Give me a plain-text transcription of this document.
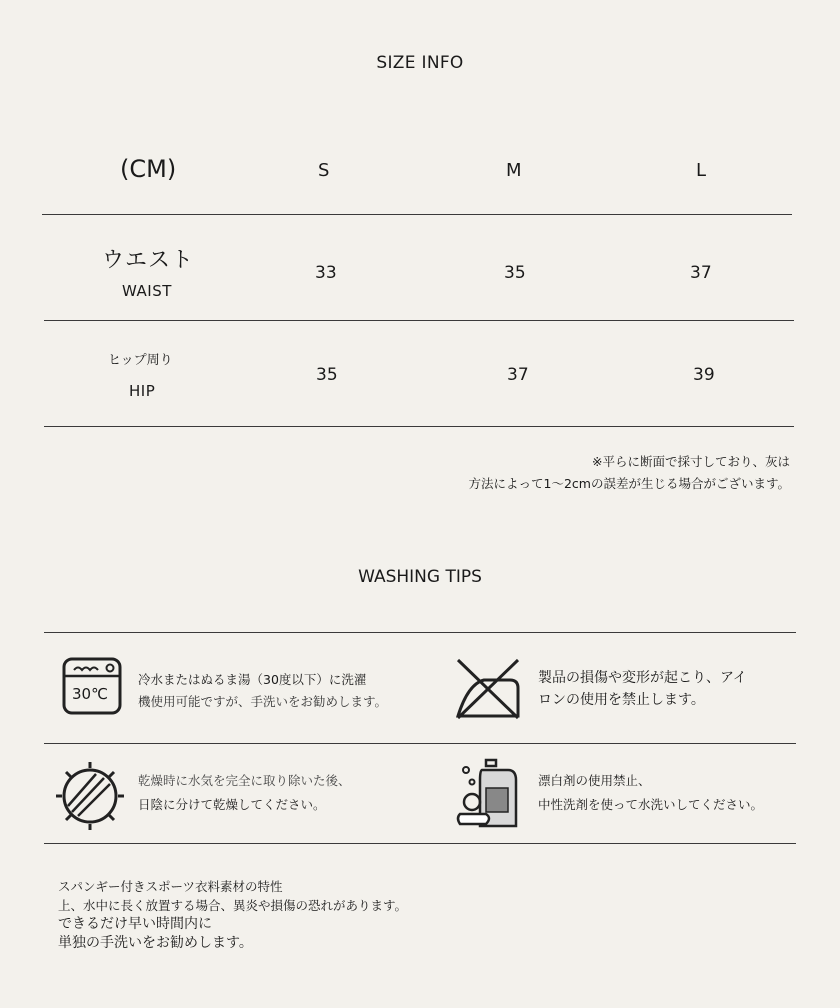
SIZE INFO
(CM)	S	M	L
ウエスト
WAIST
33	35	37
ヒップ周り
HIP
35	37	39
※平らに断面で採寸しており、灰は
方法によって1～2cmの誤差が生じる場合がございます。
WASHING TIPS
30℃
冷水またはぬるま湯（30度以下）に洗濯
機使用可能ですが、手洗いをお勧めします。
製品の損傷や変形が起こり、アイ
ロンの使用を禁止します。
乾燥時に水気を完全に取り除いた後、
日陰に分けて乾燥してください。
漂白剤の使用禁止、
中性洗剤を使って水洗いしてください。
スパンギー付きスポーツ衣料素材の特性
上、水中に長く放置する場合、異炎や損傷の恐れがあります。
できるだけ早い時間内に
単独の手洗いをお勧めします。
